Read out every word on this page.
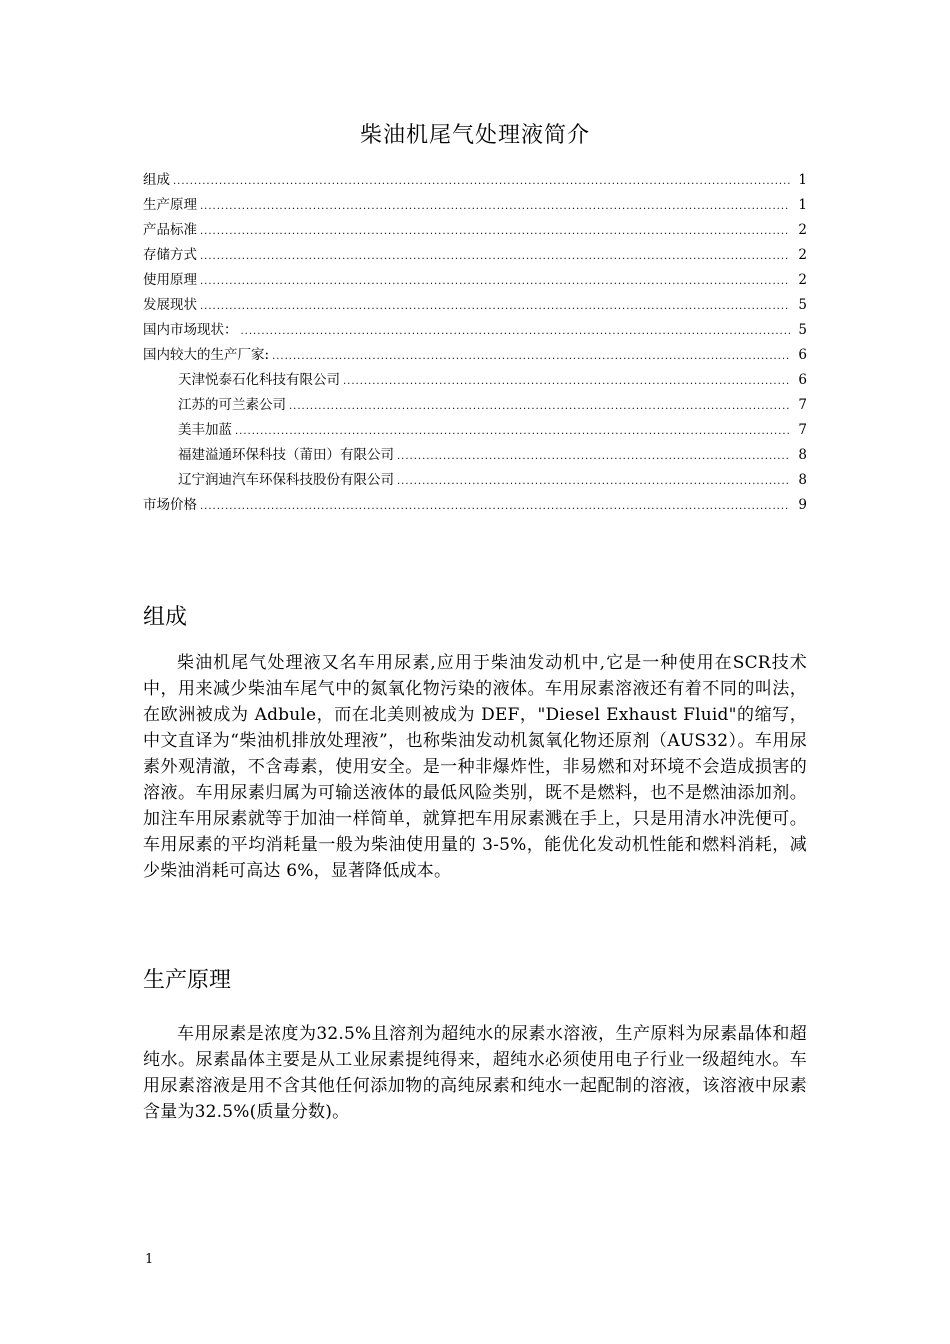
柴油机尾气处理液简介
组成 .....	1
生产原理 .....	1
产品标准 .....	2
存储方式 .....	2
使用原理 .....	2
发展现状 .....	5
国内市场现状： .....	5
国内较大的生产厂家: .....	6
天津悦泰石化科技有限公司 .....	6
江苏的可兰素公司 .....	7
美丰加蓝 .....	7
福建溢通环保科技（莆田）有限公司 .....	8
辽宁润迪汽车环保科技股份有限公司 .....	8
市场价格 .....	9
组成

柴油机尾气处理液又名车用尿素,应用于柴油发动机中,它是一种使用在SCR技术中，用来减少柴油车尾气中的氮氧化物污染的液体。车用尿素溶液还有着不同的叫法，在欧洲被成为 Adbule，而在北美则被成为 DEF，"Diesel Exhaust Fluid"的缩写，中文直译为“柴油机排放处理液”，也称柴油发动机氮氧化物还原剂（AUS32）。车用尿素外观清澈，不含毒素，使用安全。是一种非爆炸性，非易燃和对环境不会造成损害的溶液。车用尿素归属为可输送液体的最低风险类别，既不是燃料，也不是燃油添加剂。加注车用尿素就等于加油一样简单，就算把车用尿素溅在手上，只是用清水冲洗便可。车用尿素的平均消耗量一般为柴油使用量的 3-5%，能优化发动机性能和燃料消耗，减少柴油消耗可高达 6%，显著降低成本。

生产原理

车用尿素是浓度为32.5%且溶剂为超纯水的尿素水溶液，生产原料为尿素晶体和超纯水。尿素晶体主要是从工业尿素提纯得来，超纯水必须使用电子行业一级超纯水。车用尿素溶液是用不含其他任何添加物的高纯尿素和纯水一起配制的溶液，该溶液中尿素含量为32.5%(质量分数)。

1
